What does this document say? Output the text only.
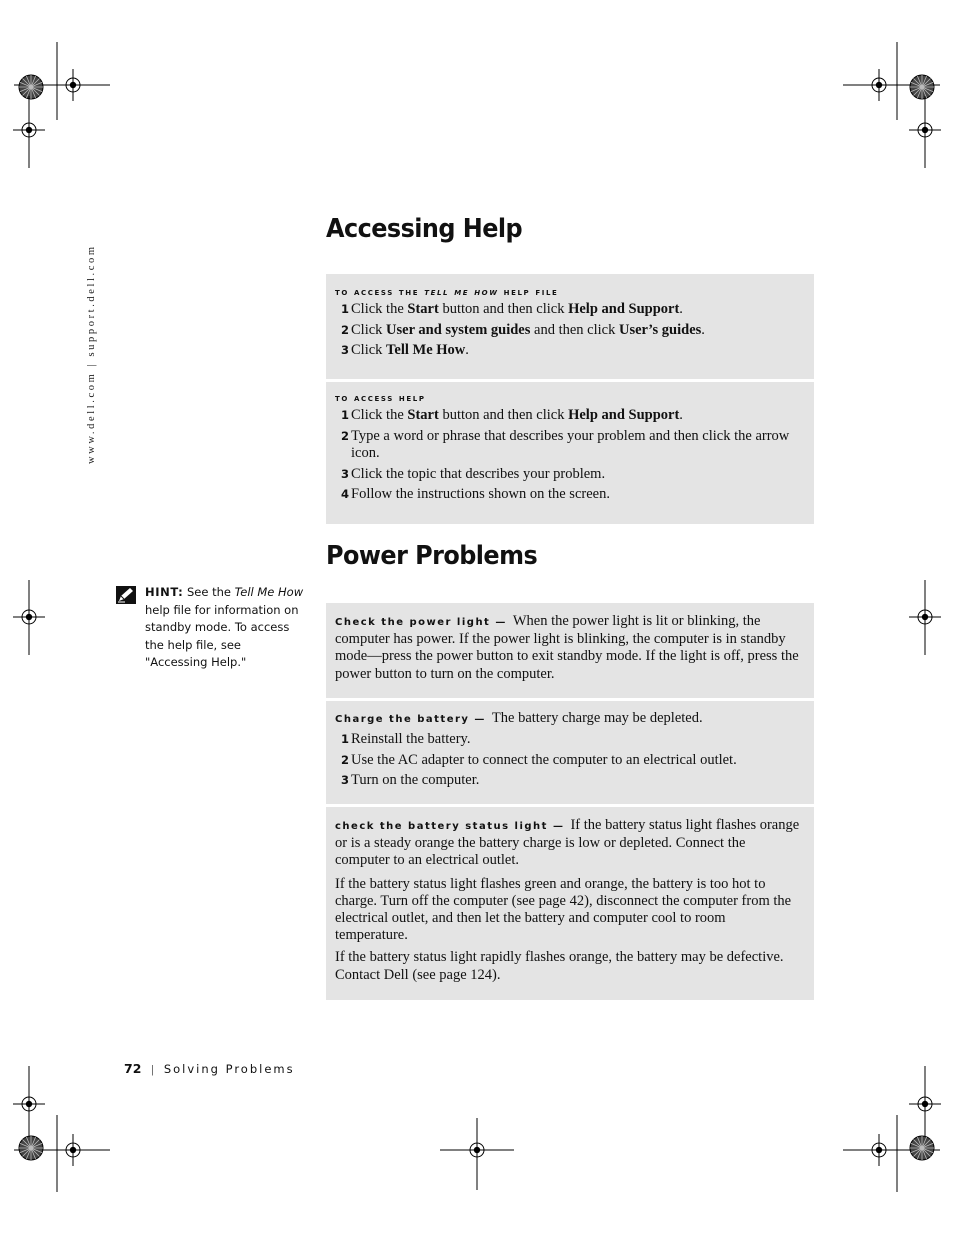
www.dell.com | support.dell.com
Accessing Help
to access the tell me how help file
1 Click the Start button and then click Help and Support.
2 Click User and system guides and then click User’s guides.
3 Click Tell Me How.
to access help
1 Click the Start button and then click Help and Support.
2 Type a word or phrase that describes your problem and then click the arrow icon.
3 Click the topic that describes your problem.
4 Follow the instructions shown on the screen.
Power Problems
HINT: See the Tell Me How help file for information on standby mode. To access the help file, see "Accessing Help."

Check the power light — When the power light is lit or blinking, the computer has power. If the power light is blinking, the computer is in standby mode—press the power button to exit standby mode. If the light is off, press the power button to turn on the computer.

Charge the battery — The battery charge may be depleted.

1 Reinstall the battery.
2 Use the AC adapter to connect the computer to an electrical outlet.
3 Turn on the computer.

check the battery status light — If the battery status light flashes orange or is a steady orange the battery charge is low or depleted. Connect the computer to an electrical outlet.

If the battery status light flashes green and orange, the battery is too hot to charge. Turn off the computer (see page 42), disconnect the computer from the electrical outlet, and then let the battery and computer cool to room temperature.

If the battery status light rapidly flashes orange, the battery may be defective. Contact Dell (see page 124).

72 | Solving Problems
